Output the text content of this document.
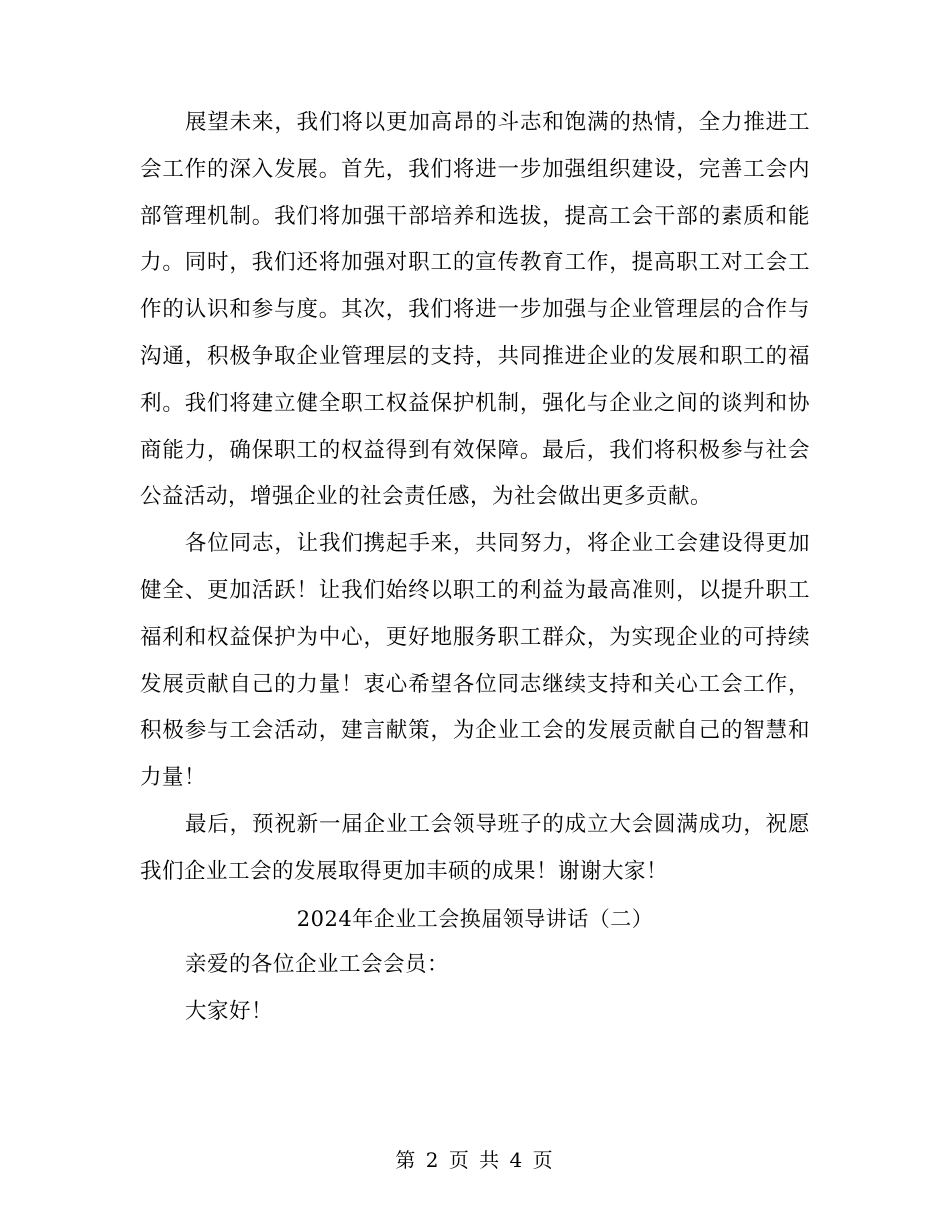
展望未来，我们将以更加高昂的斗志和饱满的热情，全力推进工会工作的深入发展。首先，我们将进一步加强组织建设，完善工会内部管理机制。我们将加强干部培养和选拔，提高工会干部的素质和能力。同时，我们还将加强对职工的宣传教育工作，提高职工对工会工作的认识和参与度。其次，我们将进一步加强与企业管理层的合作与沟通，积极争取企业管理层的支持，共同推进企业的发展和职工的福利。我们将建立健全职工权益保护机制，强化与企业之间的谈判和协商能力，确保职工的权益得到有效保障。最后，我们将积极参与社会公益活动，增强企业的社会责任感，为社会做出更多贡献。

各位同志，让我们携起手来，共同努力，将企业工会建设得更加健全、更加活跃！让我们始终以职工的利益为最高准则，以提升职工福利和权益保护为中心，更好地服务职工群众，为实现企业的可持续发展贡献自己的力量！衷心希望各位同志继续支持和关心工会工作，积极参与工会活动，建言献策，为企业工会的发展贡献自己的智慧和力量！

最后，预祝新一届企业工会领导班子的成立大会圆满成功，祝愿我们企业工会的发展取得更加丰硕的成果！谢谢大家！

2024年企业工会换届领导讲话（二）

亲爱的各位企业工会会员：

大家好！

第 2 页 共 4 页
